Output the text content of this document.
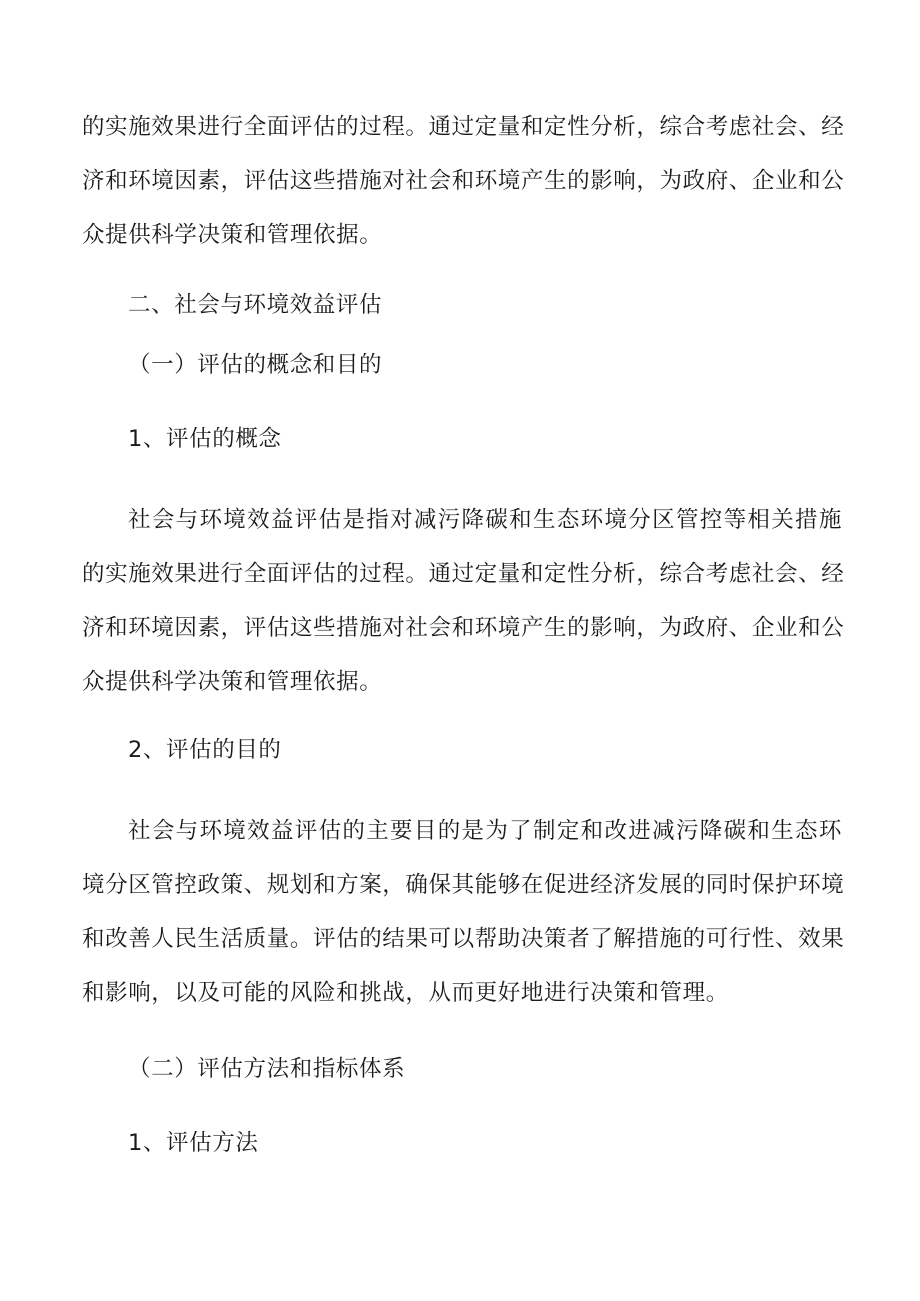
的实施效果进行全面评估的过程。通过定量和定性分析，综合考虑社会、经
济和环境因素，评估这些措施对社会和环境产生的影响，为政府、企业和公
众提供科学决策和管理依据。
二、社会与环境效益评估
（一）评估的概念和目的
1、评估的概念
社会与环境效益评估是指对减污降碳和生态环境分区管控等相关措施
的实施效果进行全面评估的过程。通过定量和定性分析，综合考虑社会、经
济和环境因素，评估这些措施对社会和环境产生的影响，为政府、企业和公
众提供科学决策和管理依据。
2、评估的目的
社会与环境效益评估的主要目的是为了制定和改进减污降碳和生态环
境分区管控政策、规划和方案，确保其能够在促进经济发展的同时保护环境
和改善人民生活质量。评估的结果可以帮助决策者了解措施的可行性、效果
和影响，以及可能的风险和挑战，从而更好地进行决策和管理。
（二）评估方法和指标体系
1、评估方法
